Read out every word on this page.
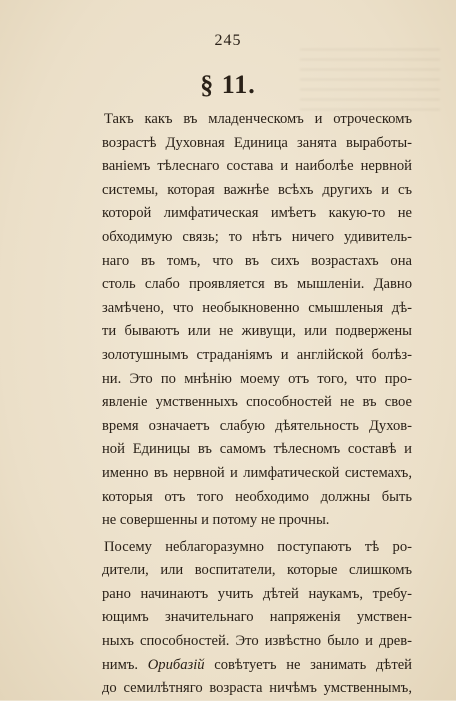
245
§ 11.
Такъ какъ въ младенческомъ и отроческомъ
возрастѣ Духовная Единица занята выработы-
ваніемъ тѣлеснаго состава и наиболѣе нервной
системы, которая важнѣе всѣхъ другихъ и съ
которой лимфатическая имѣетъ какую-то не
обходимую связь; то нѣтъ ничего удивитель-
наго въ томъ, что въ сихъ возрастахъ она
столь слабо проявляется въ мышленіи. Давно
замѣчено, что необыкновенно смышленыя дѣ-
ти бываютъ или не живущи, или подвержены
золотушнымъ страданіямъ и англійской болѣз-
ни. Это по мнѣнію моему отъ того, что про-
явленіе умственныхъ способностей не въ свое
время означаетъ слабую дѣятельность Духов-
ной Единицы въ самомъ тѣлесномъ составѣ и
именно въ нервной и лимфатической системахъ,
которыя отъ того необходимо должны быть
не совершенны и потому не прочны.
Посему неблагоразумно поступаютъ тѣ ро-
дители, или воспитатели, которые слишкомъ
рано начинаютъ учить дѣтей наукамъ, требу-
ющимъ значительнаго напряженія умствен-
ныхъ способностей. Это извѣстно было и древ-
нимъ. Орибазій совѣтуетъ не занимать дѣтей
до семилѣтняго возраста ничѣмъ умственнымъ,
